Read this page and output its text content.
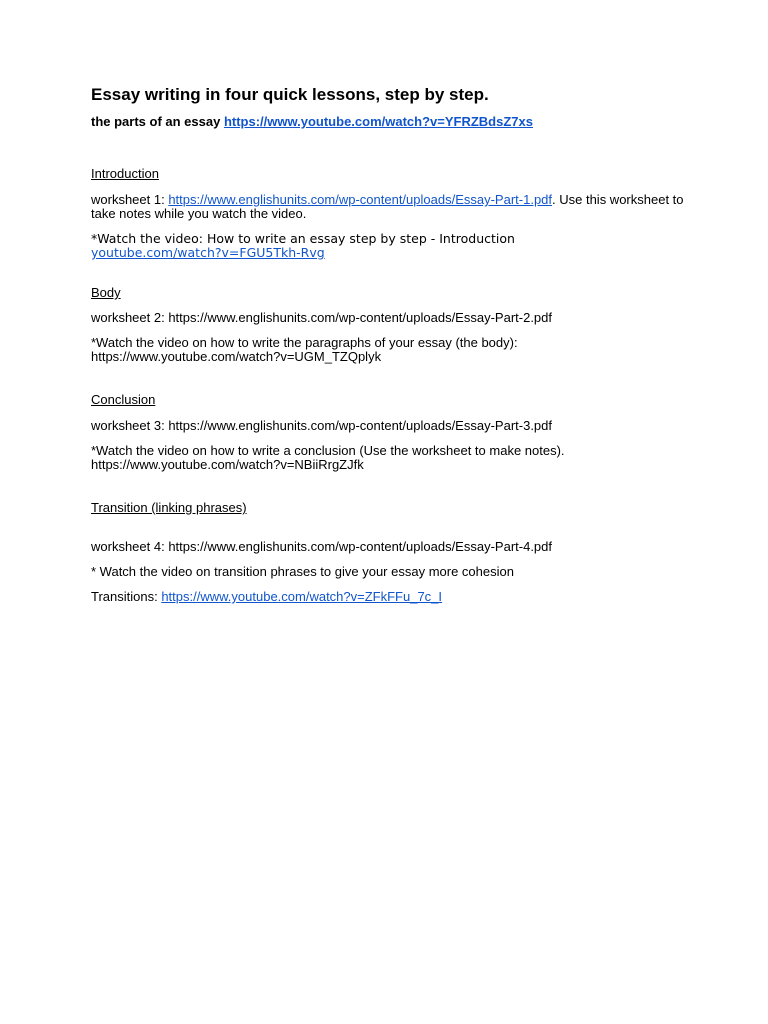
Essay writing in four quick lessons, step by step.
the parts of an essay https://www.youtube.com/watch?v=YFRZBdsZ7xs
Introduction

worksheet 1: https://www.englishunits.com/wp-content/uploads/Essay-Part-1.pdf. Use this worksheet to take notes while you watch the video.

*Watch the video: How to write an essay step by step - Introduction
youtube.com/watch?v=FGU5Tkh-Rvg

Body

worksheet 2: https://www.englishunits.com/wp-content/uploads/Essay-Part-2.pdf

*Watch the video on how to write the paragraphs of your essay (the body):
https://www.youtube.com/watch?v=UGM_TZQplyk

Conclusion

worksheet 3: https://www.englishunits.com/wp-content/uploads/Essay-Part-3.pdf

*Watch the video on how to write a conclusion (Use the worksheet to make notes).
https://www.youtube.com/watch?v=NBiiRrgZJfk

Transition (linking phrases)

worksheet 4: https://www.englishunits.com/wp-content/uploads/Essay-Part-4.pdf

* Watch the video on transition phrases to give your essay more cohesion

Transitions: https://www.youtube.com/watch?v=ZFkFFu_7c_I
